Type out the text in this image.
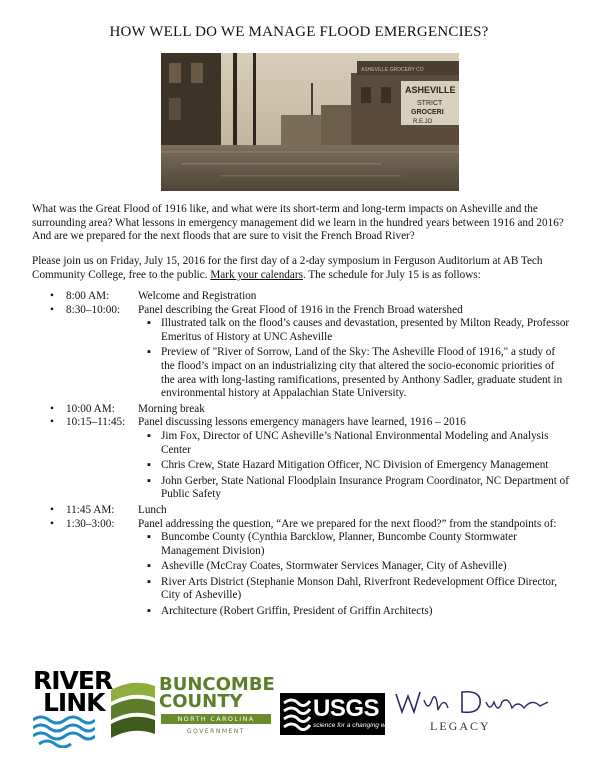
HOW WELL DO WE MANAGE FLOOD EMERGENCIES?
ASHEVILLE
STRICT
GROCERI
R.E.JO
ASHEVILLE GROCERY CO

What was the Great Flood of 1916 like, and what were its short-term and long-term impacts on Asheville and the surrounding area? What lessons in emergency management did we learn in the hundred years between 1916 and 2016? And are we prepared for the next floods that are sure to visit the French Broad River?

Please join us on Friday, July 15, 2016 for the first day of a 2-day symposium in Ferguson Auditorium at AB Tech Community College, free to the public. Mark your calendars. The schedule for July 15 is as follows:

• 8:00 AM:	Welcome and Registration
• 8:30–10:00: Panel describing the Great Flood of 1916 in the French Broad watershed
▪ Illustrated talk on the flood’s causes and devastation, presented by Milton Ready, Professor Emeritus of History at UNC Asheville
▪ Preview of "River of Sorrow, Land of the Sky: The Asheville Flood of 1916," a study of the flood’s impact on an industrializing city that altered the socio-economic priorities of the area with long-lasting ramifications, presented by Anthony Sadler, graduate student in environmental history at Appalachian State University.
• 10:00 AM: Morning break
• 10:15–11:45: Panel discussing lessons emergency managers have learned, 1916 – 2016
▪ Jim Fox, Director of UNC Asheville’s National Environmental Modeling and Analysis Center
▪ Chris Crew, State Hazard Mitigation Officer, NC Division of Emergency Management
▪ John Gerber, State National Floodplain Insurance Program Coordinator, NC Department of Public Safety
• 11:45 AM: Lunch
• 1:30–3:00: Panel addressing the question, “Are we prepared for the next flood?” from the standpoints of:
▪ Buncombe County (Cynthia Barcklow, Planner, Buncombe County Stormwater Management Division)
▪ Asheville (McCray Coates, Stormwater Services Manager, City of Asheville)
▪ River Arts District (Stephanie Monson Dahl, Riverfront Redevelopment Office Director, City of Asheville)
▪ Architecture (Robert Griffin, President of Griffin Architects)
RIVER
LINK
BUNCOMBE
COUNTY
NORTH CAROLINA
GOVERNMENT
USGS
science for a changing world	LEGACY
